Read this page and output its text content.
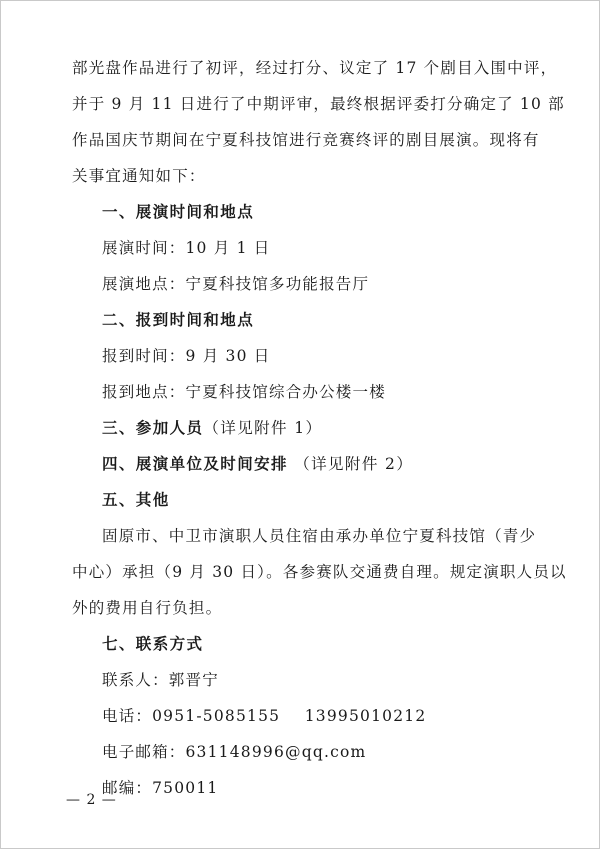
部光盘作品进行了初评，经过打分、议定了 17 个剧目入围中评，
并于 9 月 11 日进行了中期评审，最终根据评委打分确定了 10 部
作品国庆节期间在宁夏科技馆进行竞赛终评的剧目展演。现将有
关事宜通知如下：
一、展演时间和地点
展演时间：10 月 1 日
展演地点：宁夏科技馆多功能报告厅
二、报到时间和地点
报到时间：9 月 30 日
报到地点：宁夏科技馆综合办公楼一楼
三、参加人员（详见附件 1）
四、展演单位及时间安排 （详见附件 2）
五、其他
固原市、中卫市演职人员住宿由承办单位宁夏科技馆（青少
中心）承担（9 月 30 日）。各参赛队交通费自理。规定演职人员以
外的费用自行负担。
七、联系方式
联系人：郭晋宁
电话：0951-5085155    13995010212
电子邮箱：631148996@qq.com
邮编：750011
— 2 —
